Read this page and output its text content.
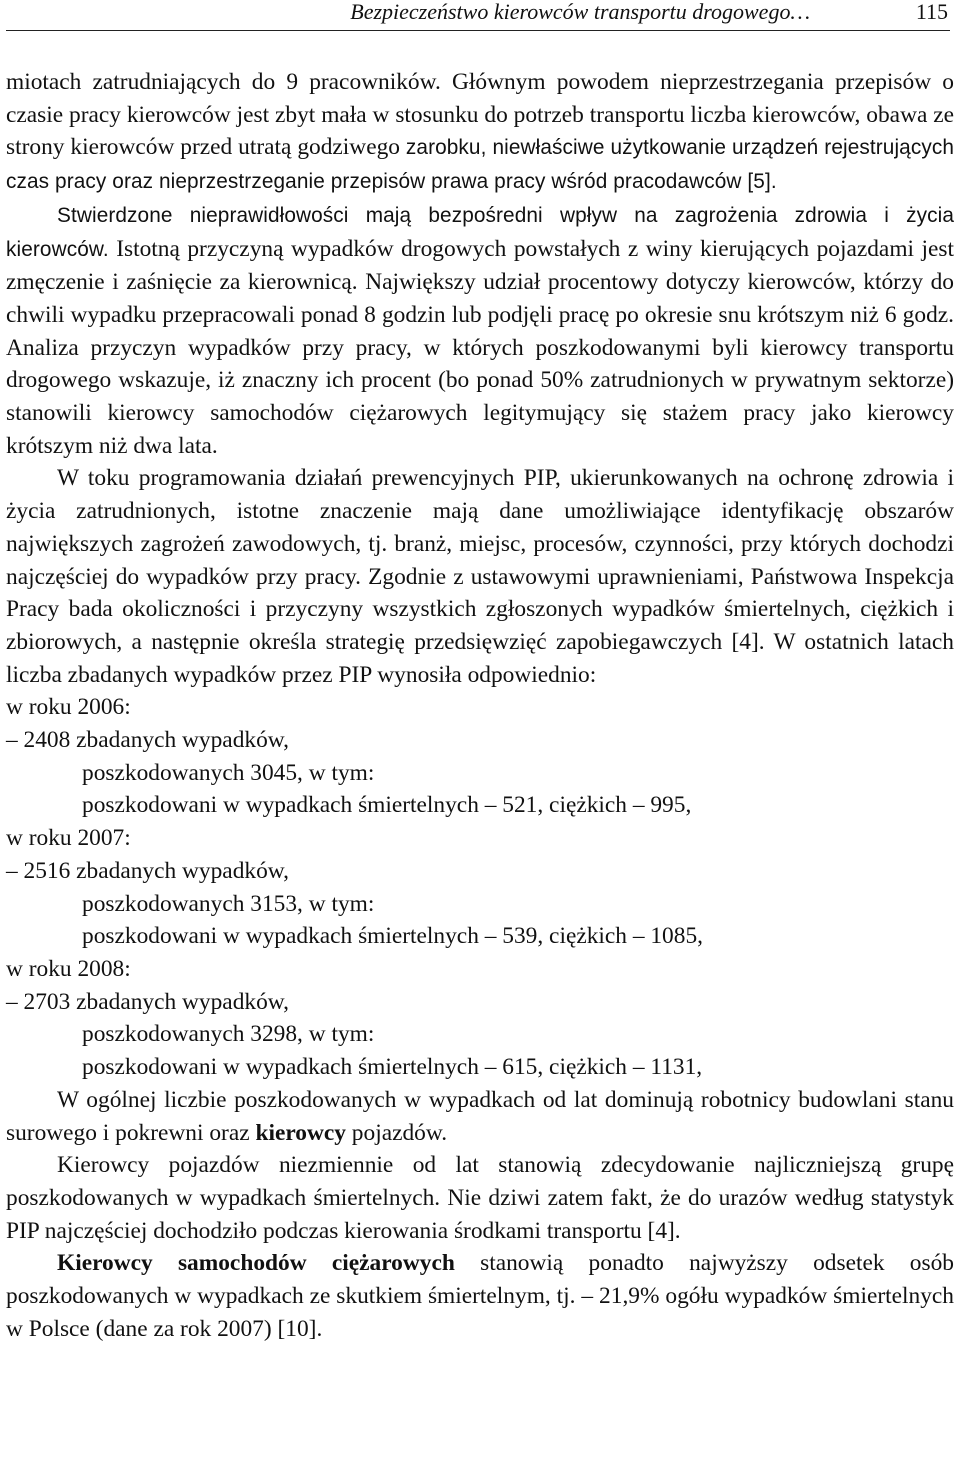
Bezpieczeństwo kierowców transportu drogowego…	115

miotach zatrudniających do 9 pracowników. Głównym powodem nieprzestrzegania przepisów o czasie pracy kierowców jest zbyt mała w stosunku do potrzeb transportu liczba kierowców, obawa ze strony kierowców przed utratą godziwego zarobku, niewłaściwe użytkowanie urządzeń rejestrujących czas pracy oraz nieprzestrzeganie przepisów prawa pracy wśród pracodawców [5].

Stwierdzone nieprawidłowości mają bezpośredni wpływ na zagrożenia zdrowia i życia kierowców. Istotną przyczyną wypadków drogowych powstałych z winy kierujących pojazdami jest zmęczenie i zaśnięcie za kierownicą. Największy udział procentowy dotyczy kierowców, którzy do chwili wypadku przepracowali ponad 8 godzin lub podjęli pracę po okresie snu krótszym niż 6 godz. Analiza przyczyn wypadków przy pracy, w których poszkodowanymi byli kierowcy transportu drogowego wskazuje, iż znaczny ich procent (bo ponad 50% zatrudnionych w prywatnym sektorze) stanowili kierowcy samochodów ciężarowych legitymujący się stażem pracy jako kierowcy krótszym niż dwa lata.

W toku programowania działań prewencyjnych PIP, ukierunkowanych na ochronę zdrowia i życia zatrudnionych, istotne znaczenie mają dane umożliwiające identyfikację obszarów największych zagrożeń zawodowych, tj. branż, miejsc, procesów, czynności, przy których dochodzi najczęściej do wypadków przy pracy. Zgodnie z ustawowymi uprawnieniami, Państwowa Inspekcja Pracy bada okoliczności i przyczyny wszystkich zgłoszonych wypadków śmiertelnych, ciężkich i zbiorowych, a następnie określa strategię przedsięwzięć zapobiegawczych [4]. W ostatnich latach liczba zbadanych wypadków przez PIP wynosiła odpowiednio:

w roku 2006:

– 2408 zbadanych wypadków,

poszkodowanych 3045, w tym:

poszkodowani w wypadkach śmiertelnych – 521, ciężkich – 995,

w roku 2007:

– 2516 zbadanych wypadków,

poszkodowanych 3153, w tym:

poszkodowani w wypadkach śmiertelnych – 539, ciężkich – 1085,

w roku 2008:

– 2703 zbadanych wypadków,

poszkodowanych 3298, w tym:

poszkodowani w wypadkach śmiertelnych – 615, ciężkich – 1131,

W ogólnej liczbie poszkodowanych w wypadkach od lat dominują robotnicy budowlani stanu surowego i pokrewni oraz kierowcy pojazdów.

Kierowcy pojazdów niezmiennie od lat stanowią zdecydowanie najliczniejszą grupę poszkodowanych w wypadkach śmiertelnych. Nie dziwi zatem fakt, że do urazów według statystyk PIP najczęściej dochodziło podczas kierowania środkami transportu [4].

Kierowcy samochodów ciężarowych stanowią ponadto najwyższy odsetek osób poszkodowanych w wypadkach ze skutkiem śmiertelnym, tj. – 21,9% ogółu wypadków śmiertelnych w Polsce (dane za rok 2007) [10].
